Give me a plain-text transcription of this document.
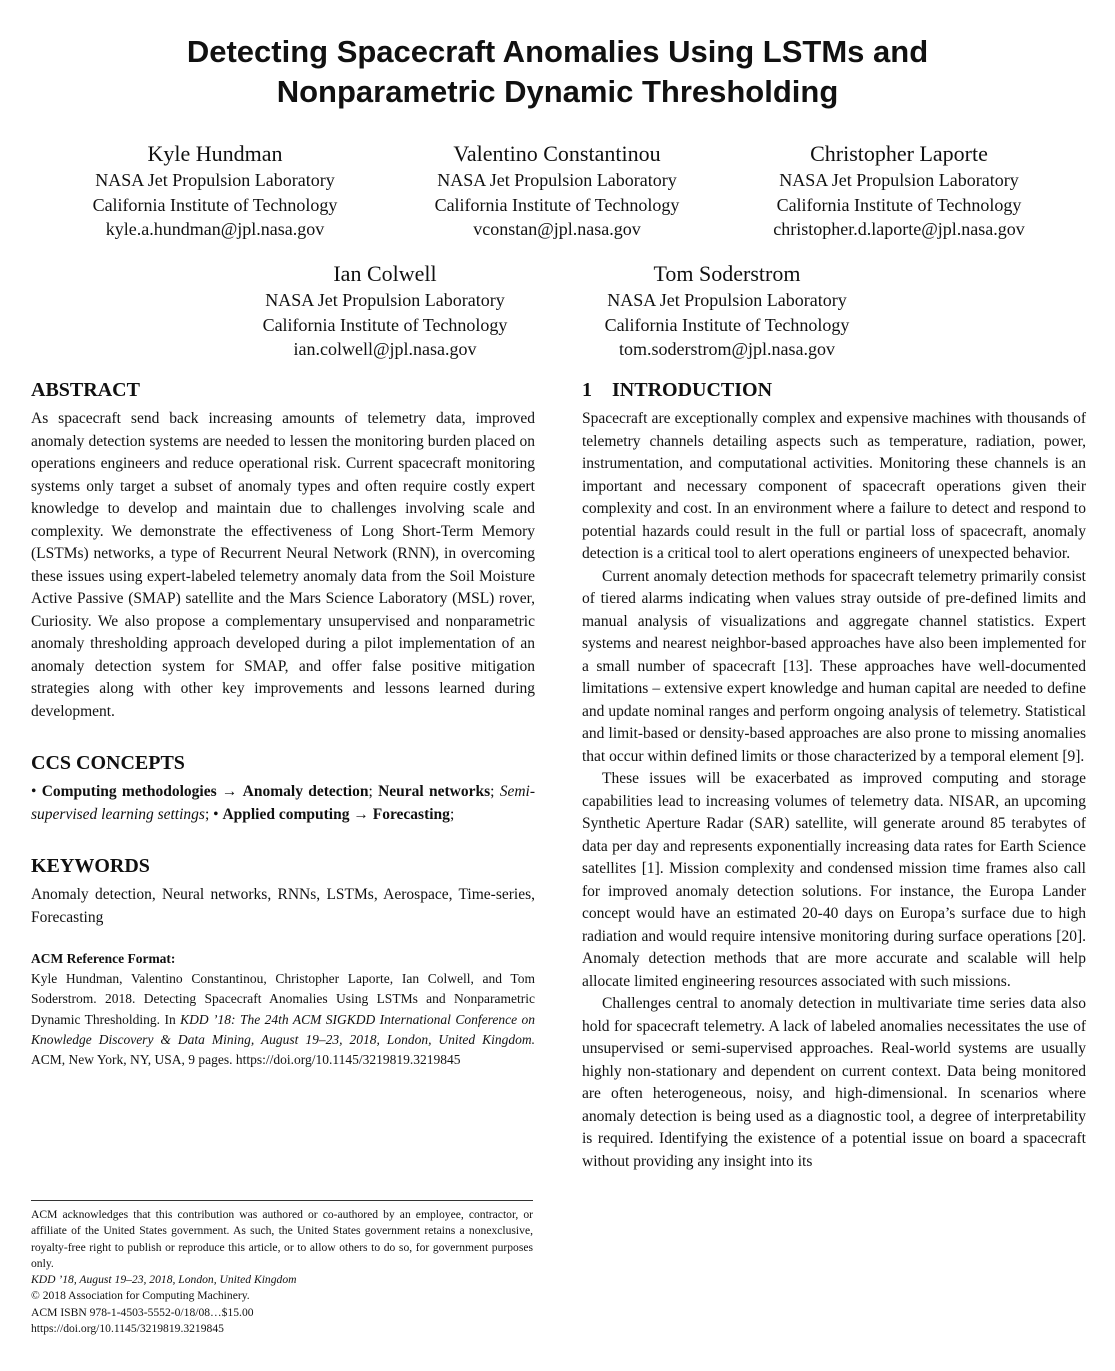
Detecting Spacecraft Anomalies Using LSTMs and
Nonparametric Dynamic Thresholding
Kyle Hundman
NASA Jet Propulsion Laboratory
California Institute of Technology
kyle.a.hundman@jpl.nasa.gov
Valentino Constantinou
NASA Jet Propulsion Laboratory
California Institute of Technology
vconstan@jpl.nasa.gov
Christopher Laporte
NASA Jet Propulsion Laboratory
California Institute of Technology
christopher.d.laporte@jpl.nasa.gov
Ian Colwell
NASA Jet Propulsion Laboratory
California Institute of Technology
ian.colwell@jpl.nasa.gov
Tom Soderstrom
NASA Jet Propulsion Laboratory
California Institute of Technology
tom.soderstrom@jpl.nasa.gov
ABSTRACT

As spacecraft send back increasing amounts of telemetry data, improved anomaly detection systems are needed to lessen the monitoring burden placed on operations engineers and reduce operational risk. Current spacecraft monitoring systems only target a subset of anomaly types and often require costly expert knowledge to develop and maintain due to challenges involving scale and complexity. We demonstrate the effectiveness of Long Short-Term Memory (LSTMs) networks, a type of Recurrent Neural Network (RNN), in overcoming these issues using expert-labeled telemetry anomaly data from the Soil Moisture Active Passive (SMAP) satellite and the Mars Science Laboratory (MSL) rover, Curiosity. We also propose a complementary unsupervised and nonparametric anomaly thresholding approach developed during a pilot implementation of an anomaly detection system for SMAP, and offer false positive mitigation strategies along with other key improvements and lessons learned during development.

CCS CONCEPTS

• Computing methodologies → Anomaly detection; Neural networks; Semi-supervised learning settings; • Applied computing → Forecasting;

KEYWORDS

Anomaly detection, Neural networks, RNNs, LSTMs, Aerospace, Time-series, Forecasting

ACM Reference Format:

Kyle Hundman, Valentino Constantinou, Christopher Laporte, Ian Colwell, and Tom Soderstrom. 2018. Detecting Spacecraft Anomalies Using LSTMs and Nonparametric Dynamic Thresholding. In KDD ’18: The 24th ACM SIGKDD International Conference on Knowledge Discovery & Data Mining, August 19–23, 2018, London, United Kingdom. ACM, New York, NY, USA, 9 pages. https://doi.org/10.1145/3219819.3219845

ACM acknowledges that this contribution was authored or co-authored by an employee, contractor, or affiliate of the United States government. As such, the United States government retains a nonexclusive, royalty-free right to publish or reproduce this article, or to allow others to do so, for government purposes only.

KDD ’18, August 19–23, 2018, London, United Kingdom

© 2018 Association for Computing Machinery.

ACM ISBN 978-1-4503-5552-0/18/08…$15.00

https://doi.org/10.1145/3219819.3219845

1    INTRODUCTION

Spacecraft are exceptionally complex and expensive machines with thousands of telemetry channels detailing aspects such as temperature, radiation, power, instrumentation, and computational activities. Monitoring these channels is an important and necessary component of spacecraft operations given their complexity and cost. In an environment where a failure to detect and respond to potential hazards could result in the full or partial loss of spacecraft, anomaly detection is a critical tool to alert operations engineers of unexpected behavior.

Current anomaly detection methods for spacecraft telemetry primarily consist of tiered alarms indicating when values stray outside of pre-defined limits and manual analysis of visualizations and aggregate channel statistics. Expert systems and nearest neighbor-based approaches have also been implemented for a small number of spacecraft [13]. These approaches have well-documented limitations – extensive expert knowledge and human capital are needed to define and update nominal ranges and perform ongoing analysis of telemetry. Statistical and limit-based or density-based approaches are also prone to missing anomalies that occur within defined limits or those characterized by a temporal element [9].

These issues will be exacerbated as improved computing and storage capabilities lead to increasing volumes of telemetry data. NISAR, an upcoming Synthetic Aperture Radar (SAR) satellite, will generate around 85 terabytes of data per day and represents exponentially increasing data rates for Earth Science satellites [1]. Mission complexity and condensed mission time frames also call for improved anomaly detection solutions. For instance, the Europa Lander concept would have an estimated 20-40 days on Europa’s surface due to high radiation and would require intensive monitoring during surface operations [20]. Anomaly detection methods that are more accurate and scalable will help allocate limited engineering resources associated with such missions.

Challenges central to anomaly detection in multivariate time series data also hold for spacecraft telemetry. A lack of labeled anomalies necessitates the use of unsupervised or semi-supervised approaches. Real-world systems are usually highly non-stationary and dependent on current context. Data being monitored are often heterogeneous, noisy, and high-dimensional. In scenarios where anomaly detection is being used as a diagnostic tool, a degree of interpretability is required. Identifying the existence of a potential issue on board a spacecraft without providing any insight into its
